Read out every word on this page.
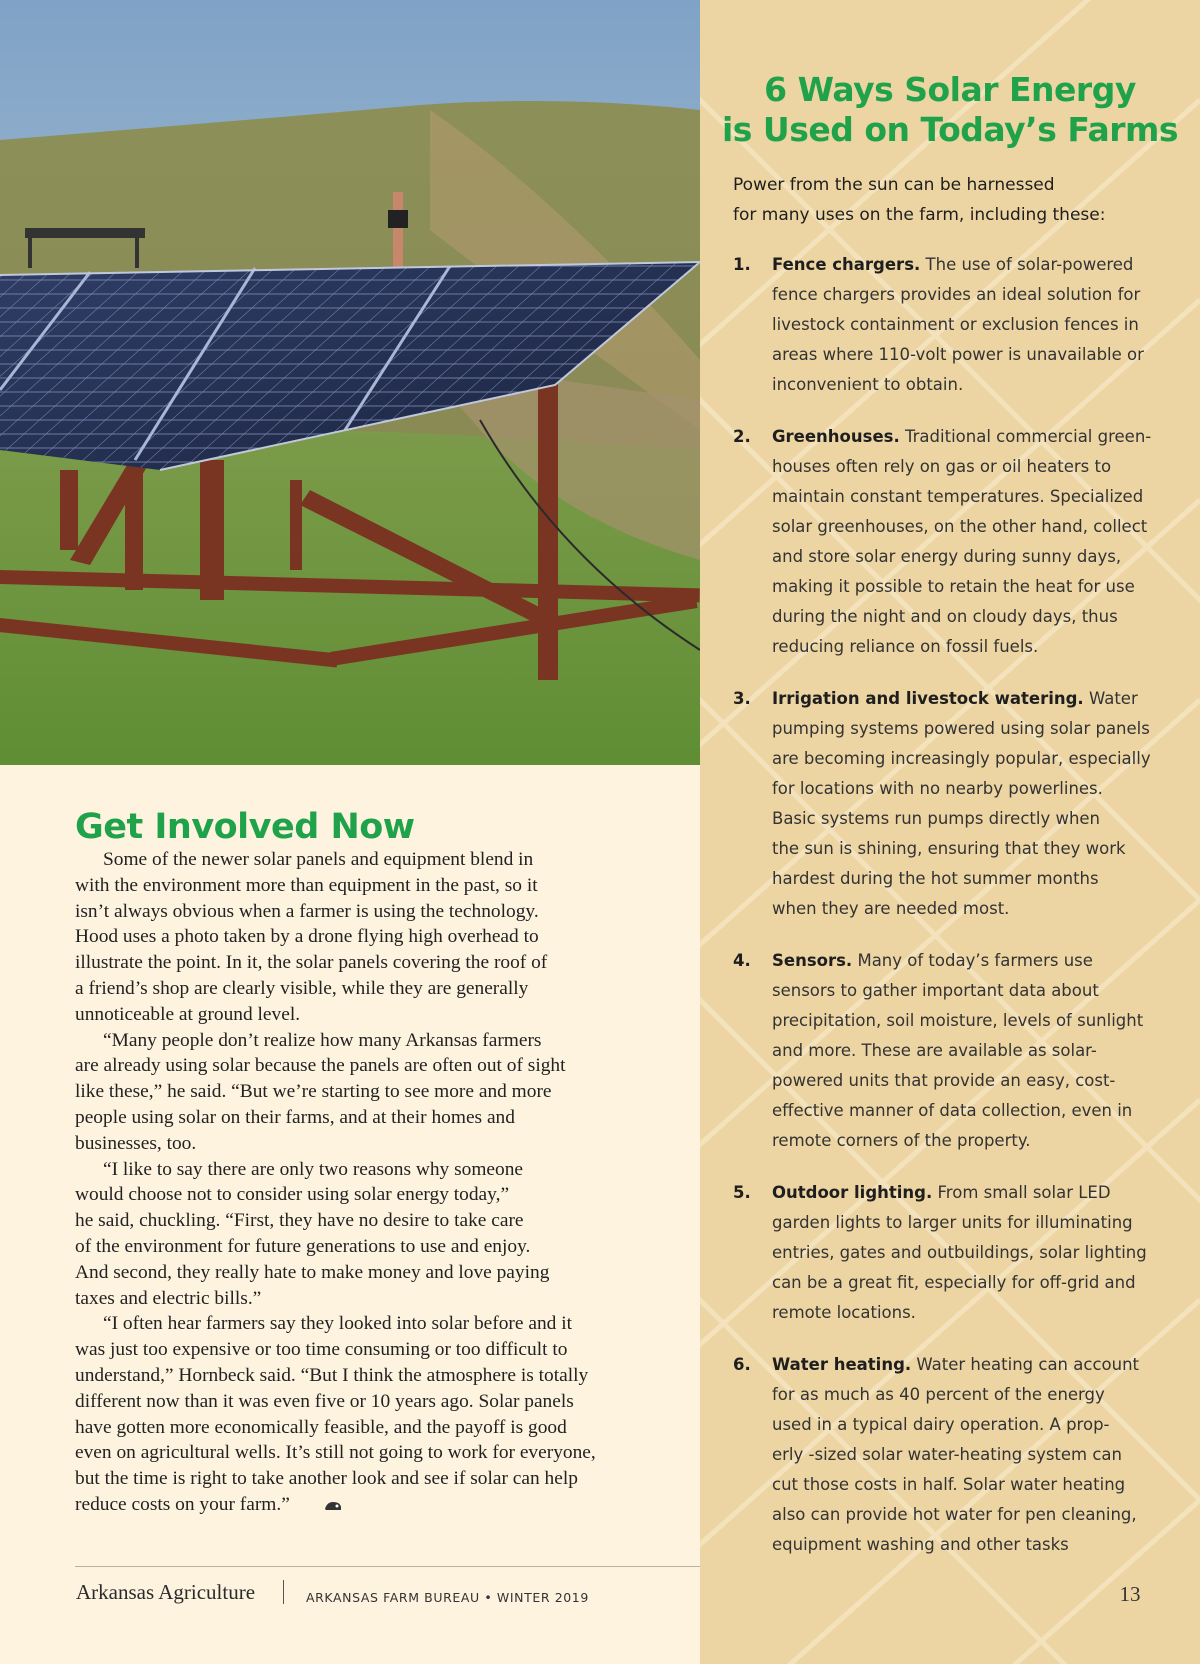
Get Involved Now

Some of the newer solar panels and equipment blend in
with the environment more than equipment in the past, so it
isn’t always obvious when a farmer is using the technology.
Hood uses a photo taken by a drone flying high overhead to
illustrate the point. In it, the solar panels covering the roof of
a friend’s shop are clearly visible, while they are generally
unnoticeable at ground level.

“Many people don’t realize how many Arkansas farmers
are already using solar because the panels are often out of sight
like these,” he said. “But we’re starting to see more and more
people using solar on their farms, and at their homes and
businesses, too.

“I like to say there are only two reasons why someone
would choose not to consider using solar energy today,”
he said, chuckling. “First, they have no desire to take care
of the environment for future generations to use and enjoy.
And second, they really hate to make money and love paying
taxes and electric bills.”

“I often hear farmers say they looked into solar before and it
was just too expensive or too time consuming or too difficult to
understand,” Hornbeck said. “But I think the atmosphere is totally
different now than it was even five or 10 years ago. Solar panels
have gotten more economically feasible, and the payoff is good
even on agricultural wells. It’s still not going to work for everyone,
but the time is right to take another look and see if solar can help
reduce costs on your farm.”

Arkansas Agriculture	ARKANSAS FARM BUREAU • WINTER 2019
6 Ways Solar Energy
is Used on Today’s Farms
Power from the sun can be harnessed
for many uses on the farm, including these:
1. Fence chargers. The use of solar-powered
fence chargers provides an ideal solution for
livestock containment or exclusion fences in
areas where 110-volt power is unavailable or
inconvenient to obtain.
2. Greenhouses. Traditional commercial green-
houses often rely on gas or oil heaters to
maintain constant temperatures. Specialized
solar greenhouses, on the other hand, collect
and store solar energy during sunny days,
making it possible to retain the heat for use
during the night and on cloudy days, thus
reducing reliance on fossil fuels.
3. Irrigation and livestock watering. Water
pumping systems powered using solar panels
are becoming increasingly popular, especially
for locations with no nearby powerlines.
Basic systems run pumps directly when
the sun is shining, ensuring that they work
hardest during the hot summer months
when they are needed most.
4. Sensors. Many of today’s farmers use
sensors to gather important data about
precipitation, soil moisture, levels of sunlight
and more. These are available as solar-
powered units that provide an easy, cost-
effective manner of data collection, even in
remote corners of the property.
5. Outdoor lighting. From small solar LED
garden lights to larger units for illuminating
entries, gates and outbuildings, solar lighting
can be a great fit, especially for off-grid and
remote locations.
6. Water heating. Water heating can account
for as much as 40 percent of the energy
used in a typical dairy operation. A prop-
erly -sized solar water-heating system can
cut those costs in half. Solar water heating
also can provide hot water for pen cleaning,
equipment washing and other tasks
13
